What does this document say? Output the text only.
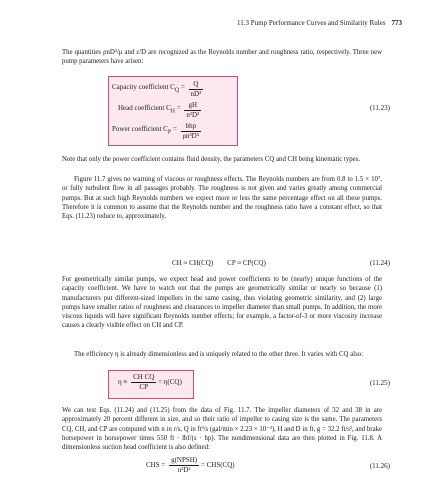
11.3 Pump Performance Curves and Similarity Rules 773

The quantities ρnD²/μ and ε/D are recognized as the Reynolds number and roughness ratio, respectively. Three new pump parameters have arisen:

Capacity coefficient $C_Q = \frac{Q}{\text{nD³}}$
Head coefficient $C_H = \frac{gH}{\text{n²D²}}$
Power coefficient $C_P = \frac{\text{bhp}}{\text{ρn³D⁵}}$
(11.23)

Note that only the power coefficient contains fluid density, the parameters CQ and CH being kinematic types.

Figure 11.7 gives no warning of viscous or roughness effects. The Reynolds numbers are from 0.8 to 1.5 × 10⁷, or fully turbulent flow in all passages probably. The roughness is not given and varies greatly among commercial pumps. But at such high Reynolds numbers we expect more or less the same percentage effect on all these pumps. Therefore it is common to assume that the Reynolds number and the roughness ratio have a constant effect, so that Eqs. (11.23) reduce to, approximately,

CH ≈ CH(CQ)        CP ≈ CP(CQ)	(11.24)

For geometrically similar pumps, we expect head and power coefficients to be (nearly) unique functions of the capacity coefficient. We have to watch out that the pumps are geometrically similar or nearly so because (1) manufacturers put different-sized impellers in the same casing, thus violating geometric similarity, and (2) large pumps have smaller ratios of roughness and clearances to impeller diameter than small pumps. In addition, the more viscous liquids will have significant Reynolds number effects; for example, a factor-of-3 or more viscosity increase causes a clearly visible effect on CH and CP.

The efficiency η is already dimensionless and is uniquely related to the other three. It varies with CQ also:

$\eta \equiv \frac{\text{CH CQ}}{CP} = \eta(CQ)$	(11.25)

We can test Eqs. (11.24) and (11.25) from the data of Fig. 11.7. The impeller diameters of 32 and 38 in are approximately 20 percent different in size, and so their ratio of impeller to casing size is the same. The parameters CQ, CH, and CP are computed with n in r/s, Q in ft³/s (gal/min × 2.23 × 10⁻³), H and D in ft, g = 32.2 ft/s², and brake horsepower in horsepower times 550 ft · lbf/(s · hp). The nondimensional data are then plotted in Fig. 11.8. A dimensionless suction head coefficient is also defined:

CHS = $\frac{\text{g(NPSH)}}{\text{n²D²}} = CHS(CQ)$	(11.26)
